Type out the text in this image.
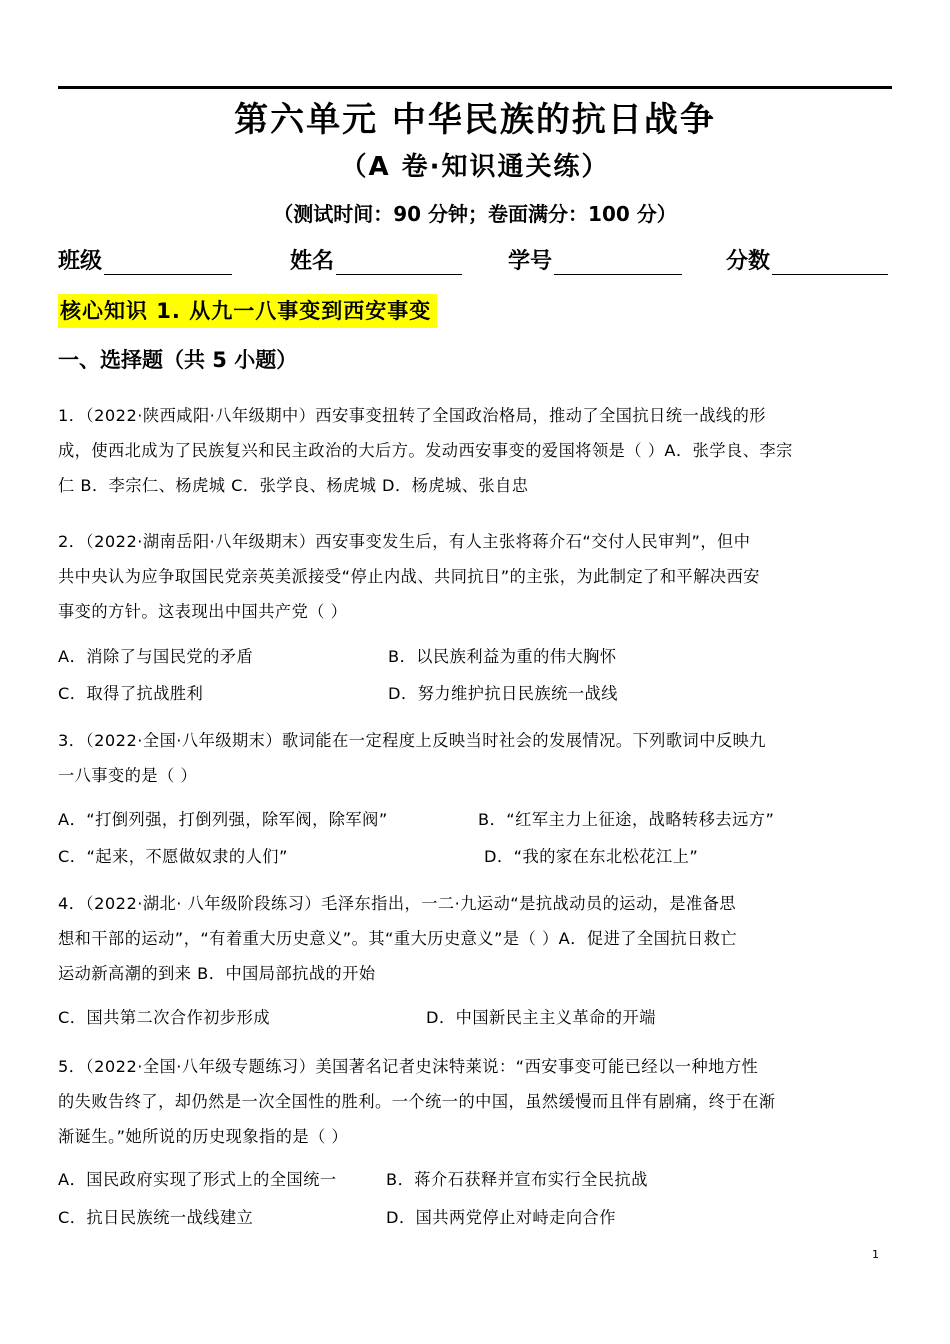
第六单元 中华民族的抗日战争
（A 卷·知识通关练）
（测试时间：90 分钟；卷面满分：100 分）
班级	姓名	学号	分数
核心知识 1. 从九一八事变到西安事变
一、选择题（共 5 小题）
1．（2022·陕西咸阳·八年级期中）西安事变扭转了全国政治格局，推动了全国抗日统一战线的形
成，使西北成为了民族复兴和民主政治的大后方。发动西安事变的爱国将领是（ ）A．张学良、李宗
仁 B．李宗仁、杨虎城 C．张学良、杨虎城 D．杨虎城、张自忠
2．（2022·湖南岳阳·八年级期末）西安事变发生后，有人主张将蒋介石“交付人民审判”，但中
共中央认为应争取国民党亲英美派接受“停止内战、共同抗日”的主张，为此制定了和平解决西安
事变的方针。这表现出中国共产党（ ）
A．消除了与国民党的矛盾	B．以民族利益为重的伟大胸怀
C．取得了抗战胜利	D．努力维护抗日民族统一战线
3．（2022·全国·八年级期末）歌词能在一定程度上反映当时社会的发展情况。下列歌词中反映九
一八事变的是（ ）
A．“打倒列强，打倒列强，除军阀，除军阀”	B．“红军主力上征途，战略转移去远方”
C．“起来，不愿做奴隶的人们”	D．“我的家在东北松花江上”
4．（2022·湖北· 八年级阶段练习）毛泽东指出，一二·九运动“是抗战动员的运动，是准备思
想和干部的运动”，“有着重大历史意义”。其“重大历史意义”是（ ）A．促进了全国抗日救亡
运动新高潮的到来 B．中国局部抗战的开始
C．国共第二次合作初步形成	D．中国新民主主义革命的开端
5．（2022·全国·八年级专题练习）美国著名记者史沫特莱说：“西安事变可能已经以一种地方性
的失败告终了，却仍然是一次全国性的胜利。一个统一的中国，虽然缓慢而且伴有剧痛，终于在渐
渐诞生。”她所说的历史现象指的是（ ）
A．国民政府实现了形式上的全国统一	B．蒋介石获释并宣布实行全民抗战
C．抗日民族统一战线建立	D．国共两党停止对峙走向合作
1
